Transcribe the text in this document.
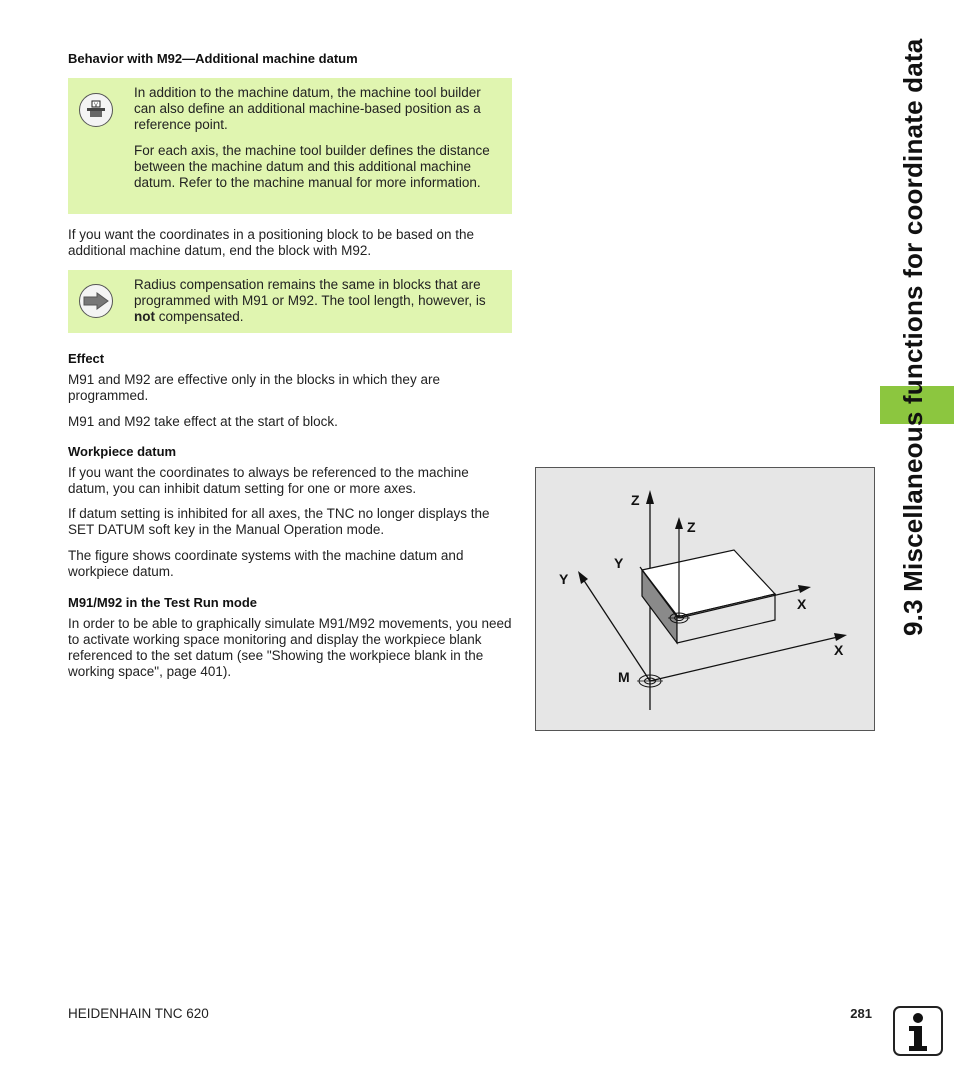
Behavior with M92—Additional machine datum
V

In addition to the machine datum, the machine tool builder can also define an additional machine-based position as a reference point.

For each axis, the machine tool builder defines the distance between the machine datum and this additional machine datum. Refer to the machine manual for more information.

If you want the coordinates in a positioning block to be based on the additional machine datum, end the block with M92.

Radius compensation remains the same in blocks that are programmed with M91 or M92. The tool length, however, is not compensated.

Effect

M91 and M92 are effective only in the blocks in which they are programmed.

M91 and M92 take effect at the start of block.

Workpiece datum

If you want the coordinates to always be referenced to the machine datum, you can inhibit datum setting for one or more axes.

If datum setting is inhibited for all axes, the TNC no longer displays the SET DATUM soft key in the Manual Operation mode.

The figure shows coordinate systems with the machine datum and workpiece datum.

M91/M92 in the Test Run mode

In order to be able to graphically simulate M91/M92 movements, you need to activate working space monitoring and display the workpiece blank referenced to the set datum (see "Showing the workpiece blank in the working space", page 401).

9.3 Miscellaneous functions for coordinate data
Z
Z
Y
Y
X
X
M
HEIDENHAIN TNC 620	281
